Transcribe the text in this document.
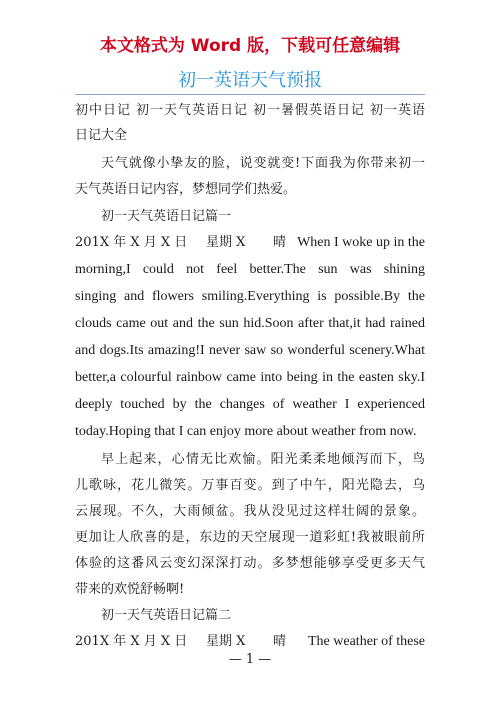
本文格式为 Word 版，下载可任意编辑
初一英语天气预报
初中日记 初一天气英语日记 初一暑假英语日记 初一英语
日记大全
天气就像小挚友的脸，说变就变!下面我为你带来初一
天气英语日记内容，梦想同学们热爱。
初一天气英语日记篇一
201X 年 X 月 X 日	星期 X	晴 When I woke up in the
morning,I could not feel better.The sun was shining
singing and flowers smiling.Everything is possible.By the
clouds came out and the sun hid.Soon after that,it had rained
and dogs.Its amazing!I never saw so wonderful scenery.What
better,a colourful rainbow came into being in the easten sky.I
deeply touched by the changes of weather I experienced
today.Hoping that I can enjoy more about weather from now.
早上起来，心情无比欢愉。阳光柔柔地倾泻而下，鸟
儿歌咏，花儿微笑。万事百变。到了中午，阳光隐去，乌
云展现。不久，大雨倾盆。我从没见过这样壮阔的景象。
更加让人欣喜的是，东边的天空展现一道彩虹!我被眼前所
体验的这番风云变幻深深打动。多梦想能够享受更多天气
带来的欢悦舒畅啊!
初一天气英语日记篇二
201X 年 X 月 X 日	星期 X	晴	The weather of these
— 1 —
